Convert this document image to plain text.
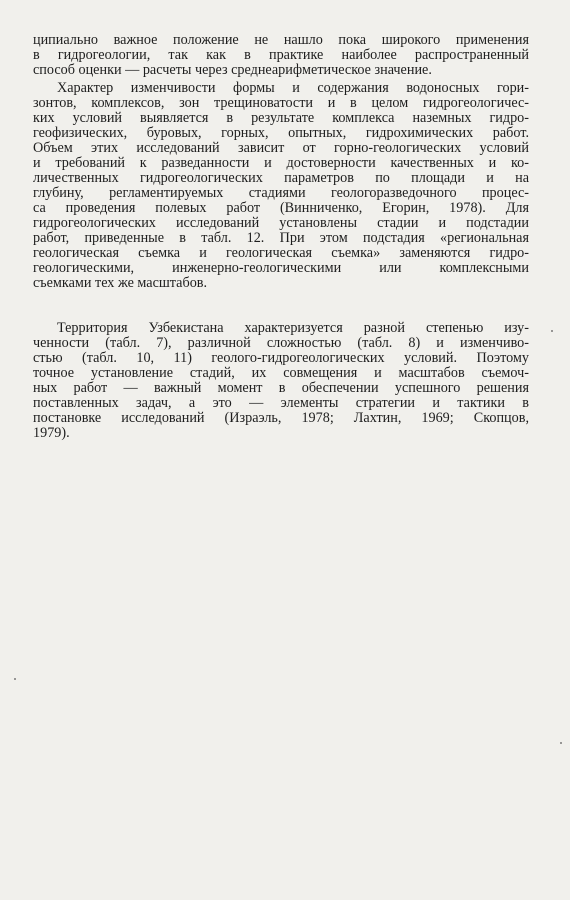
ципиально важное положение не нашло пока широкого применения
в гидрогеологии, так как в практике наиболее распространенный
способ оценки — расчеты через среднеарифметическое значение.
Характер изменчивости формы и содержания водоносных гори-
зонтов, комплексов, зон трещиноватости и в целом гидрогеологичес-
ких условий выявляется в результате комплекса наземных гидро-
геофизических, буровых, горных, опытных, гидрохимических работ.
Объем этих исследований зависит от горно-геологических условий
и требований к разведанности и достоверности качественных и ко-
личественных гидрогеологических параметров по площади и на
глубину, регламентируемых стадиями геологоразведочного процес-
са проведения полевых работ (Винниченко, Егорин, 1978). Для
гидрогеологических исследований установлены стадии и подстадии
работ, приведенные в табл. 12. При этом подстадия «региональная
геологическая съемка и геологическая съемка» заменяются гидро-
геологическими, инженерно-геологическими или комплексными
съемками тех же масштабов.
Территория Узбекистана характеризуется разной степенью изу-
ченности (табл. 7), различной сложностью (табл. 8) и изменчиво-
стью (табл. 10, 11) геолого-гидрогеологических условий. Поэтому
точное установление стадий, их совмещения и масштабов съемоч-
ных работ — важный момент в обеспечении успешного решения
поставленных задач, а это — элементы стратегии и тактики в
постановке исследований (Израэль, 1978; Лахтин, 1969; Скопцов,
1979).
